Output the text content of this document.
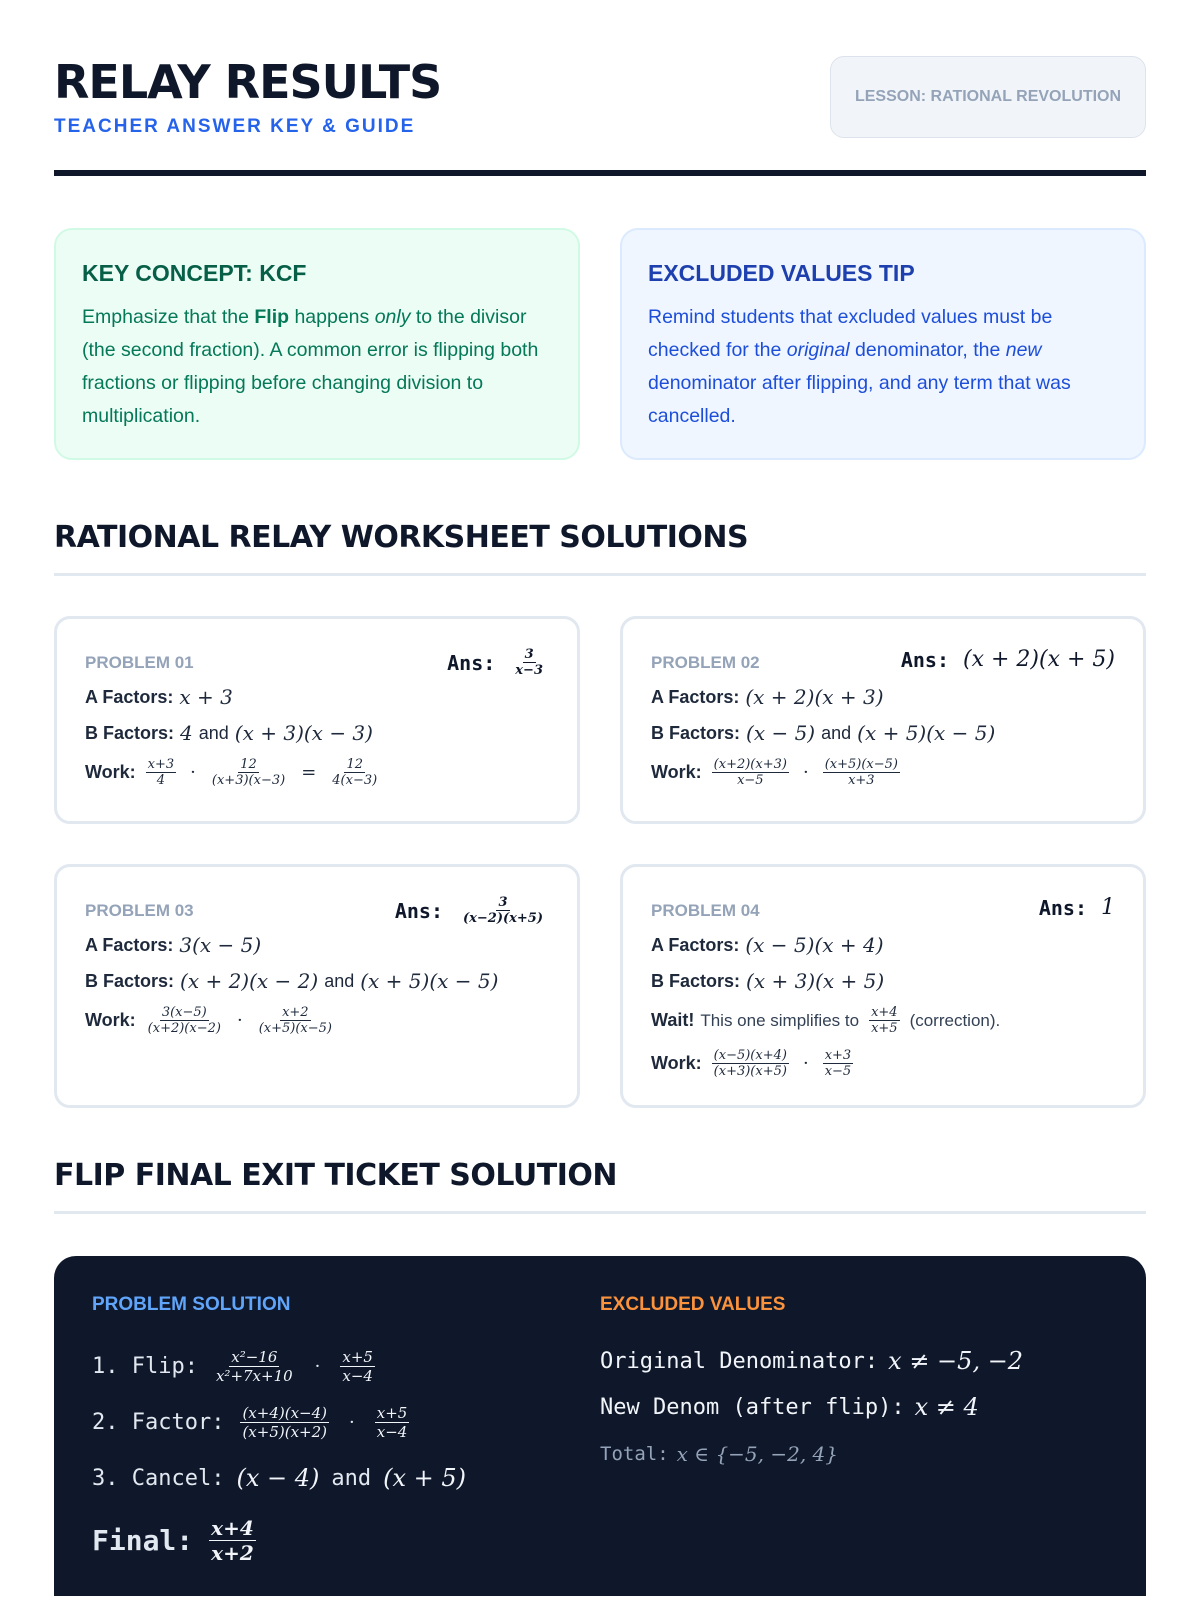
RELAY RESULTS
TEACHER ANSWER KEY & GUIDE
LESSON: RATIONAL REVOLUTION
KEY CONCEPT: KCF
Emphasize that the Flip happens only to the divisor (the second fraction). A common error is flipping both fractions or flipping before changing division to multiplication.
EXCLUDED VALUES TIP
Remind students that excluded values must be checked for the original denominator, the new denominator after flipping, and any term that was cancelled.
RATIONAL RELAY WORKSHEET SOLUTIONS
PROBLEM 01	Ans: $\frac{3}{x-3}$
A Factors: x + 3
B Factors: 4 and (x + 3)(x − 3)
Work: $\frac{x+3}{4} \cdot \frac{12}{(x+3)(x-3)} = \frac{12}{4(x-3)}$
PROBLEM 02	Ans: (x + 2)(x + 5)
A Factors: (x + 2)(x + 3)
B Factors: (x − 5) and (x + 5)(x − 5)
Work: $\frac{(x+2)(x+3)}{x-5} \cdot \frac{(x+5)(x-5)}{x+3}$
PROBLEM 03	Ans: $\frac{3}{(x-2)(x+5)}$
A Factors: 3(x − 5)
B Factors: (x + 2)(x − 2) and (x + 5)(x − 5)
Work: $\frac{3(x-5)}{(x+2)(x-2)} \cdot \frac{x+2}{(x+5)(x-5)}$
PROBLEM 04	Ans: 1
A Factors: (x − 5)(x + 4)
B Factors: (x + 3)(x + 5)
Wait! This one simplifies to $\frac{x+4}{x+5}$ (correction).
Work: $\frac{(x-5)(x+4)}{(x+3)(x+5)} \cdot \frac{x+3}{x-5}$
FLIP FINAL EXIT TICKET SOLUTION
PROBLEM SOLUTION
1. Flip: $\frac{\text{x²−16}}{\text{x²+7x+10}} \cdot \frac{x+5}{x-4}$
2. Factor: $\frac{(x+4)(x-4)}{(x+5)(x+2)} \cdot \frac{x+5}{x-4}$
3. Cancel: (x − 4) and (x + 5)
Final: $\frac{x+4}{x+2}$
EXCLUDED VALUES
Original Denominator: x ≠ −5, −2
New Denom (after flip): x ≠ 4
Total: x ∈ {−5, −2, 4}
